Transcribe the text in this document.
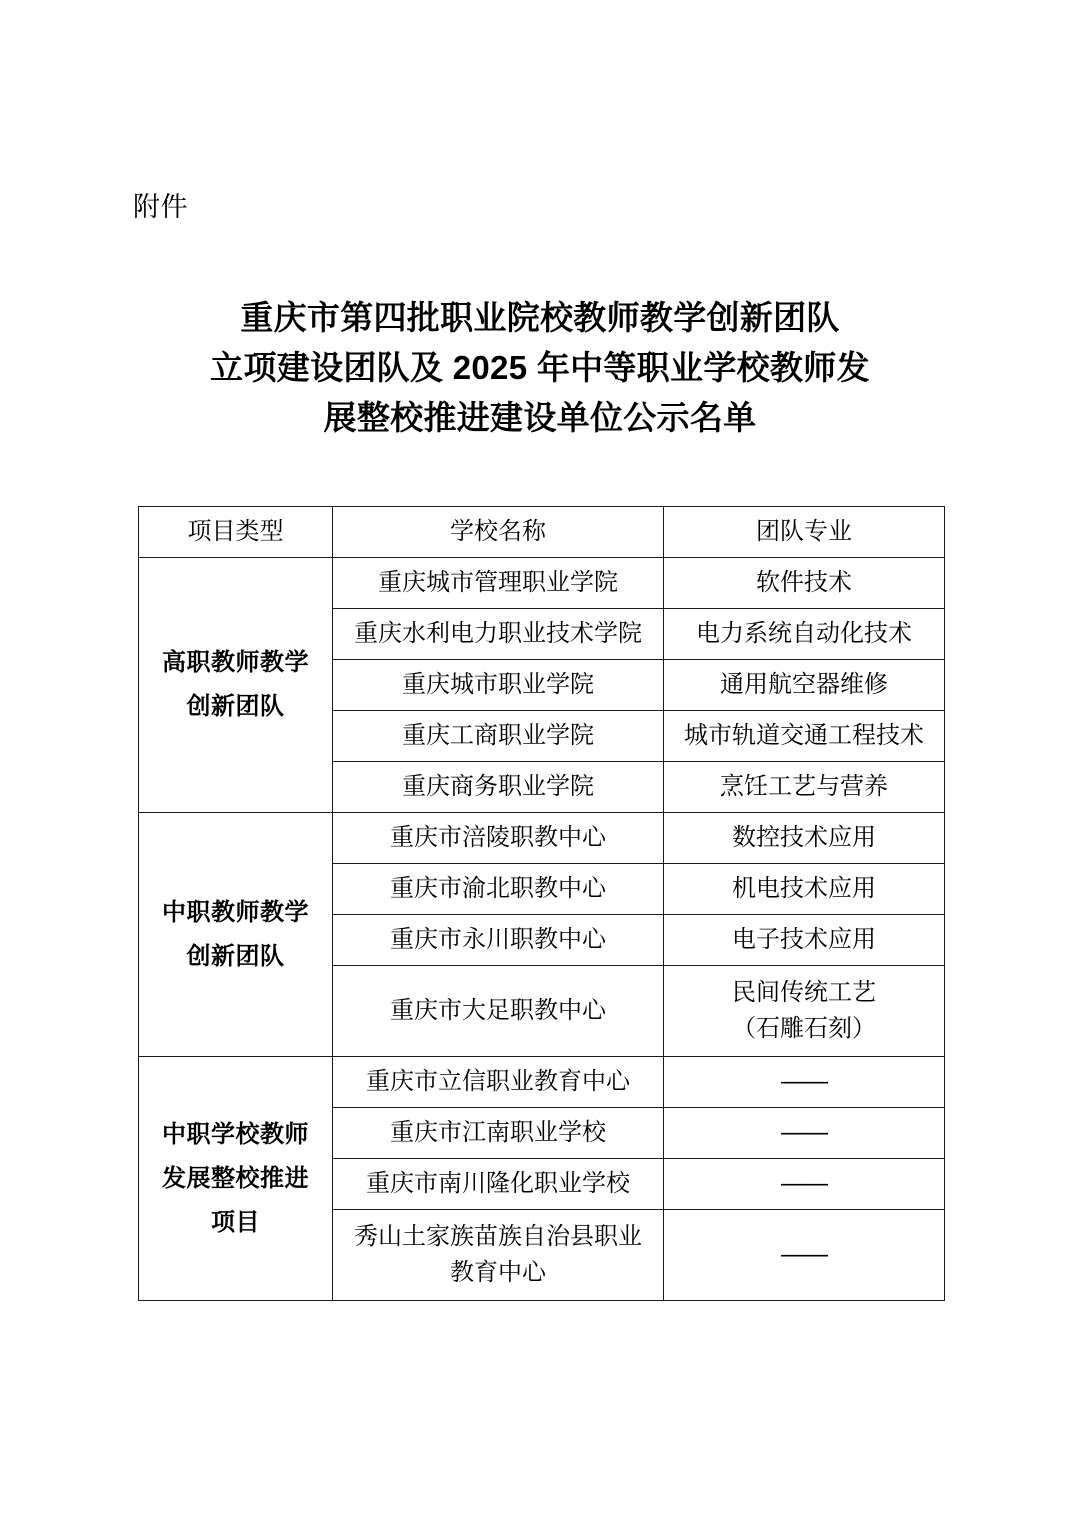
附件
重庆市第四批职业院校教师教学创新团队
立项建设团队及 2025 年中等职业学校教师发
展整校推进建设单位公示名单
项目类型	学校名称	团队专业

高职教师教学
创新团队	重庆城市管理职业学院	软件技术

	重庆水利电力职业技术学院	电力系统自动化技术

	重庆城市职业学院	通用航空器维修

	重庆工商职业学院	城市轨道交通工程技术

	重庆商务职业学院	烹饪工艺与营养

中职教师教学
创新团队	重庆市涪陵职教中心	数控技术应用

	重庆市渝北职教中心	机电技术应用

	重庆市永川职教中心	电子技术应用

	重庆市大足职教中心	民间传统工艺
（石雕石刻）

中职学校教师
发展整校推进
项目	重庆市立信职业教育中心	——

	重庆市江南职业学校	——

	重庆市南川隆化职业学校	——

	秀山土家族苗族自治县职业
教育中心	——
